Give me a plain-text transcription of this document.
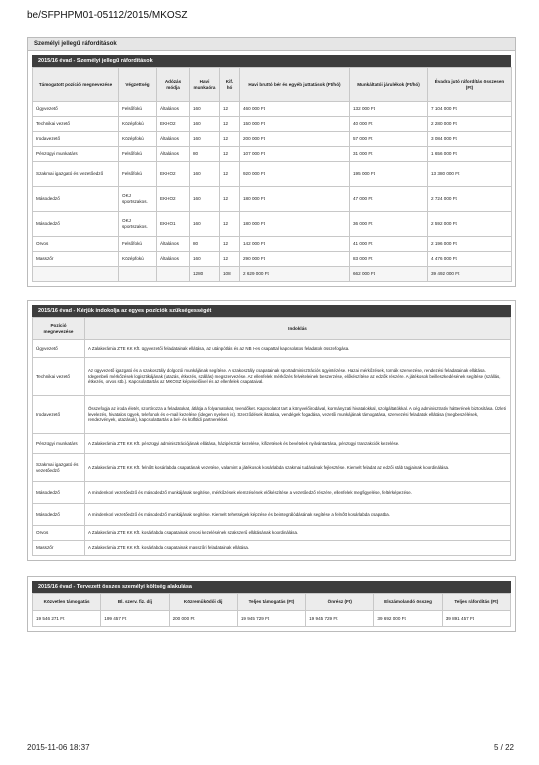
be/SFPHPM01-05112/2015/MKOSZ
Személyi jellegű ráfordítások
2015/16 évad - Személyi jellegű ráfordítások
Támogatott pozíció megnevezése	Végzettség	Adózás módja	Havi munkaóra	Kif. hó	Havi bruttó bér és egyéb juttatások (Ft/hó)	Munkáltatói járulékok (Ft/hó)	Évadra jutó ráfordítás összesen (Ft)
Ügyvezető	Felsőfokú	Általános	160	12	460 000 Ft	132 000 Ft	7 104 000 Ft
Technikai vezető	Középfokú	EKHO2	160	12	150 000 Ft	40 000 Ft	2 280 000 Ft
Irodavezető	Középfokú	Általános	160	12	200 000 Ft	57 000 Ft	3 084 000 Ft
Pénzügyi munkatárs	Felsőfokú	Általános	80	12	107 000 Ft	31 000 Ft	1 656 000 Ft
Szakmai igazgató és vezetőedző	Felsőfokú	EKHO2	160	12	920 000 Ft	195 000 Ft	13 380 000 Ft
Másodedző	OKJ sportszakos.	EKHO2	160	12	180 000 Ft	47 000 Ft	2 724 000 Ft
Másodedző	OKJ sportszakos.	EKHO1	160	12	180 000 Ft	36 000 Ft	2 592 000 Ft
Orvos	Felsőfokú	Általános	80	12	142 000 Ft	41 000 Ft	2 196 000 Ft
Masszőr	Középfokú	Általános	160	12	290 000 Ft	83 000 Ft	4 476 000 Ft
			1280	108	2 629 000 Ft	662 000 Ft	39 492 000 Ft
2015/16 évad - Kérjük indokolja az egyes pozíciók szükségességét
Pozíció megnevezése	Indoklás
Ügyvezető	A Zalakerámia ZTE KK Kft. ügyvezetői feladatainak ellátása, az utánpótlás és az NB I-es csapattal kapcsolatos feladatok összefogása.
Technikai vezető	Az ügyvezető igazgató és a szakosztály dolgozói munkájának segítése. A szakosztály csapatainak sportadminisztrációs ügyintézése. Hazai mérkőzések, tornák szervezése, rendezési feladatainak ellátása. Idegenbeli mérkőzések logisztikájának (utazás, étkezés, szállás) megszervezése. Az ellenfelek mérkőzés felvételeinek beszerzése, előkészítése az edzők részére. A játékosok beilleszkedésének segítése (szállás, étkezés, orvos stb.). Kapcsolattartás az MKOSZ képviselőivel és az ellenfelek csapataival.
Irodavezető	Összefogja az iroda életét, szortírozza a feladatokat, átlátja a folyamatokat, teendőket. Kapcsolatot tart a könyvelőirodával, kormányzati hivatalokkal, szolgáltatókkal. A cég adminisztratív hátterének biztosítása. Üzleti levelezés, hivatalos ügyek, telefonok és e-mail kezelése (idegen nyelven is). Szerződések iktatása, vendégek fogadása, vezetői munkájának támogatása, szervezési feladatok ellátása (megbeszélések, rendezvények, utazások), kapcsolattartás a bel- és külföldi partnerekkel.
Pénzügyi munkatárs	A Zalakerámia ZTE KK Kft. pénzügyi adminisztrációjának ellátása, házipénztár kezelése, kifizetések és bevételek nyilvántartása, pénzügyi tranzakciók kezelése.
Szakmai igazgató és vezetőedző	A Zalakerámia ZTE KK Kft. felnőtt kosárlabda csapatának vezetése, valamint a játékosok kosárlabda szakmai tudásának fejlesztése. Kiemelt feladat az edzői stáb tagjainak koordinálása.
Másodedző	A mindenkori vezetőedző és másodedző munkájának segítése, mérkőzések elemzésének előkészítése a vezetőedző részére, ellenfelek megfigyelése, feltérképezése.
Másodedző	A mindenkori vezetőedző és másodedző munkájának segítése. Kiemelt tehetségek képzése és beintegrálódásának segítése a felnőtt kosárlabda csapatba.
Orvos	A Zalakerámia ZTE KK Kft. kosárlabda csapatainak orvosi kezelésének szakszerű ellátásának koordinálása.
Masszőr	A Zalakerámia ZTE KK Kft. kosárlabda csapatainak masszőri feladatainak ellátása.
2015/16 évad - Tervezett összes személyi költség alakulása
Közvetlen támogatás	Bl. szerv. fiz. díj	Közreműködői díj	Teljes támogatás (Ft)	Önrész (Ft)	Elszámolandó összeg	Teljes ráfordítás (Ft)
19 546 271 Ft	199 457 Ft	200 000 Ft	19 945 729 Ft	19 945 729 Ft	39 692 000 Ft	39 891 457 Ft
2015-11-06 18:37	5 / 22
